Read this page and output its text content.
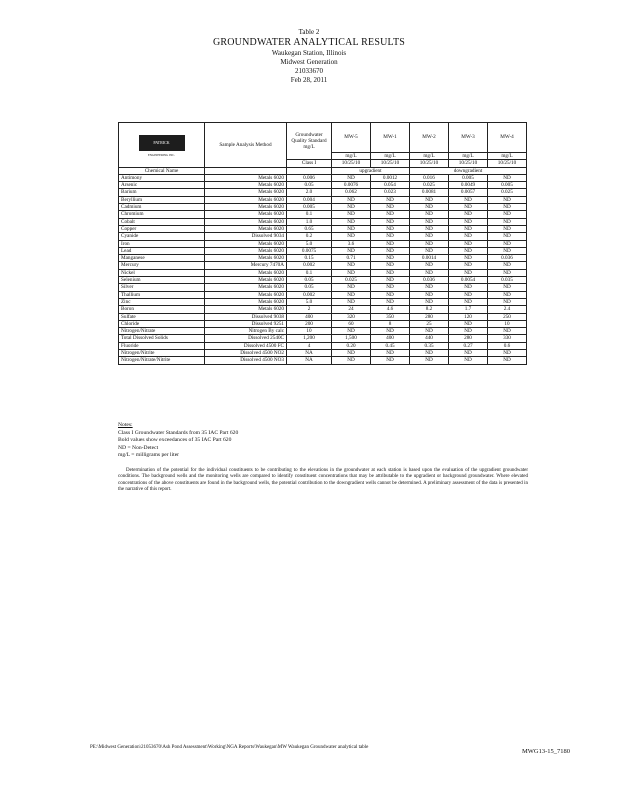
Table 2
GROUNDWATER ANALYTICAL RESULTS
Waukegan Station, Illinois
Midwest Generation
21033670
Feb 28, 2011
PATRICK
ENGINEERING INC.	Sample Analysis Method	Groundwater Quality Standard mg/L	MW-5	MW-1	MW-2	MW-3	MW-4
			mg/L	mg/L	mg/L	mg/L	mg/L
		Class I	10/25/10	10/25/10	10/25/10	10/25/10	10/25/10
Chemical Name			upgradient		downgradient		
Antimony	Metals 6020	0.006	ND	0.0012	0.016	0.005	ND
Arsenic	Metals 6020	0.05	0.0076	0.054	0.025	0.0049	0.005
Barium	Metals 6020	2.0	0.062	0.023	0.0081	0.0057	0.025
Beryllium	Metals 6020	0.004	ND	ND	ND	ND	ND
Cadmium	Metals 6020	0.005	ND	ND	ND	ND	ND
Chromium	Metals 6020	0.1	ND	ND	ND	ND	ND
Cobalt	Metals 6020	1.0	ND	ND	ND	ND	ND
Copper	Metals 6020	0.65	ND	ND	ND	ND	ND
Cyanide	Dissolved 9034	0.2	ND	ND	ND	ND	ND
Iron	Metals 6020	5.0	3.6	ND	ND	ND	ND
Lead	Metals 6020	0.0075	ND	ND	ND	ND	ND
Manganese	Metals 6020	0.15	0.71	ND	0.0014	ND	0.036
Mercury	Mercury 7470A	0.002	ND	ND	ND	ND	ND
Nickel	Metals 6020	0.1	ND	ND	ND	ND	ND
Selenium	Metals 6020	0.05	0.025	ND	0.036	0.0054	0.035
Silver	Metals 6020	0.05	ND	ND	ND	ND	ND
Thallium	Metals 6020	0.002	ND	ND	ND	ND	ND
Zinc	Metals 6020	5.0	ND	ND	ND	ND	ND
Boron	Metals 6020	2	24	4.6	8.2	1.7	2.4
Sulfate	Dissolved 9038	400	320	350	280	120	250
Chloride	Dissolved 9251	200	60	8	25	ND	10
Nitrogen/Nitrate	Nitrogen By calc	10	ND	ND	ND	ND	ND
Total Dissolved Solids	Dissolved 2540C	1,200	1,500	400	440	280	330
Fluoride	Dissolved 4500 FC	4	0.20	0.45	0.35	0.27	0.6
Nitrogen/Nitrite	Dissolved 4500 NO2	NA	ND	ND	ND	ND	ND
Nitrogen/Nitrate/Nitrite	Dissolved 4500 NO3	NA	ND	ND	ND	ND	ND
Notes:
Class I Groundwater Standards from 35 IAC Part 620
Bold values show exceedances of 35 IAC Part 620
ND = Non-Detect
mg/L = milligrams per liter
Determination of the potential for the individual constituents to be contributing to the elevations in the groundwater at each station is based upon the evaluation of the upgradient groundwater conditions. The background wells and the monitoring wells are compared to identify constituent concentrations that may be attributable to the upgradient or background groundwater. Where elevated concentrations of the above constituents are found in the background wells, the potential contribution to the downgradient wells cannot be determined. A preliminary assessment of the data is presented in the narrative of this report.
PE:\Midwest Generation\21053670\Ash Pond Assessment\Working\NGA Reports\Waukegan\MW Waukegan Groundwater analytical table
MWG13-15_7180
